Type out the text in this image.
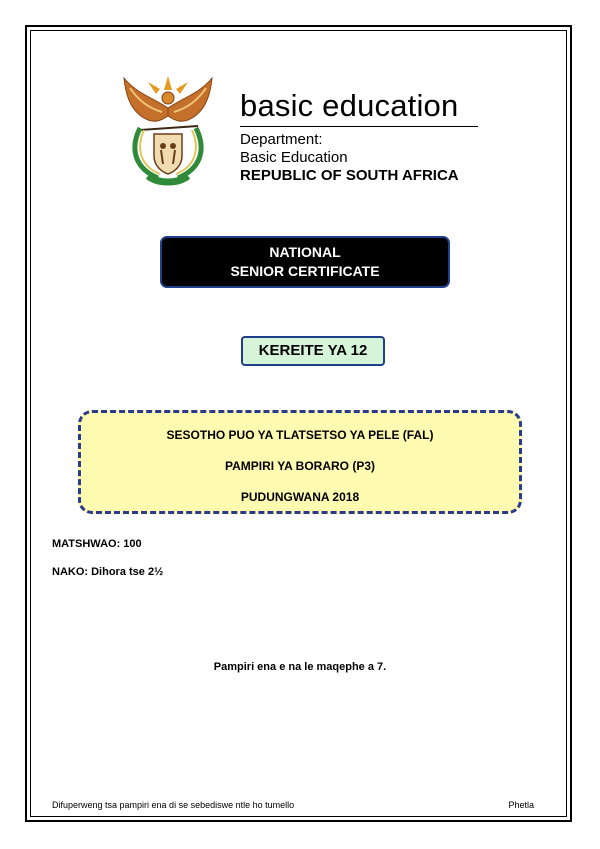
basic education
Department:
Basic Education
REPUBLIC OF SOUTH AFRICA
NATIONAL
SENIOR CERTIFICATE
KEREITE YA 12
SESOTHO PUO YA TLATSETSO YA PELE (FAL)
PAMPIRI YA BORARO (P3)
PUDUNGWANA 2018
MATSHWAO: 100
NAKO: Dihora tse 2½
Pampiri ena e na le maqephe a 7.
Difuperweng tsa pampiri ena di se sebediswe ntle ho tumello	Phetla
